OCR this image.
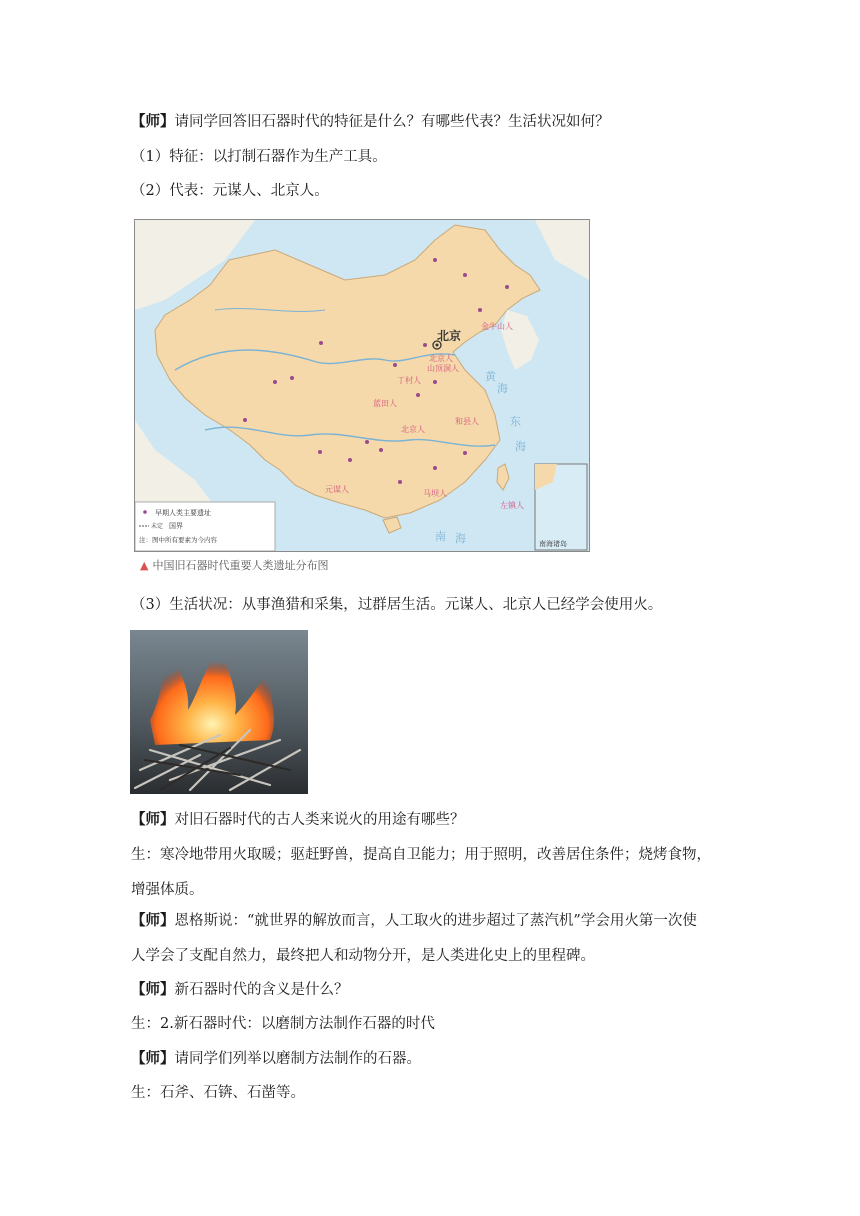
【师】请同学回答旧石器时代的特征是什么？有哪些代表？生活状况如何？
（1）特征：以打制石器作为生产工具。
（2）代表：元谋人、北京人。
东
海
南 海
黄
海
北京
金牛山人
北京人
山顶洞人
丁村人
蓝田人
和县人
北京人
元谋人	马坝人
左镇人
南海诸岛
早期人类主要遗址
未定 国界
注：图中所有要素为今内容
▲ 中国旧石器时代重要人类遗址分布图
（3）生活状况：从事渔猎和采集，过群居生活。元谋人、北京人已经学会使用火。
【师】对旧石器时代的古人类来说火的用途有哪些？
生：寒冷地带用火取暖；驱赶野兽，提高自卫能力；用于照明，改善居住条件；烧烤食物，
增强体质。
【师】恩格斯说：“就世界的解放而言，人工取火的进步超过了蒸汽机”学会用火第一次使
人学会了支配自然力，最终把人和动物分开，是人类进化史上的里程碑。
【师】新石器时代的含义是什么？
生：2.新石器时代：以磨制方法制作石器的时代
【师】请同学们列举以磨制方法制作的石器。
生：石斧、石锛、石凿等。
